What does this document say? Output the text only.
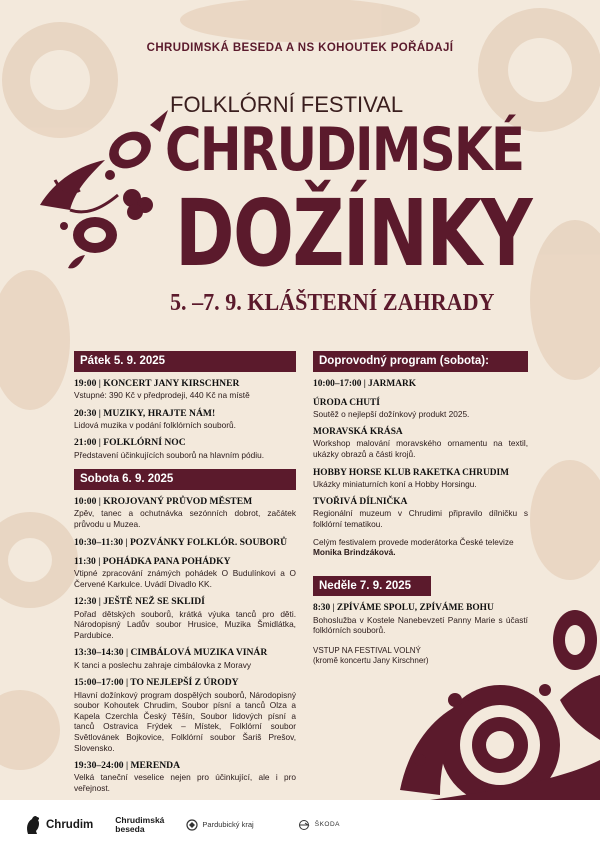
CHRUDIMSKÁ BESEDA A NS KOHOUTEK POŘÁDAJÍ
FOLKLÓRNÍ FESTIVAL
CHRUDIMSKÉ
DOŽÍNKY
5. –7. 9. KLÁŠTERNÍ ZAHRADY
Pátek 5. 9. 2025
19:00 | KONCERT JANY KIRSCHNER
Vstupné: 390 Kč v předprodeji, 440 Kč na místě
20:30 | MUZIKY, HRAJTE NÁM!
Lidová muzika v podání folklórních souborů.
21:00 | FOLKLÓRNÍ NOC
Představení účinkujících souborů na hlavním pódiu.
Sobota 6. 9. 2025
10:00 | KROJOVANÝ PRŮVOD MĚSTEM
Zpěv, tanec a ochutnávka sezónních dobrot, začátek průvodu u Muzea.
10:30–11:30 | POZVÁNKY FOLKLÓR. SOUBORŮ
11:30 | POHÁDKA PANA POHÁDKY
Vtipné zpracování známých pohádek O Budulínkovi a O Červené Karkulce. Uvádí Divadlo KK.
12:30 | JEŠTĚ NEŽ SE SKLIDÍ
Pořad dětských souborů, krátká výuka tanců pro děti. Národopisný Ladův soubor Hrusice, Muzika Šmidlátka, Pardubice.
13:30–14:30 | CIMBÁLOVÁ MUZIKA VINÁR
K tanci a poslechu zahraje cimbálovka z Moravy
15:00–17:00 | TO NEJLEPŠÍ Z ÚRODY
Hlavní dožínkový program dospělých souborů, Národopisný soubor Kohoutek Chrudim, Soubor písní a tanců Olza a Kapela Czerchla Český Těšín, Soubor lidových písní a tanců Ostravica Frýdek – Místek, Folklórní soubor Světlovánek Bojkovice, Folklórní soubor Šariš Prešov, Slovensko.
19:30–24:00 | MERENDA
Velká taneční veselice nejen pro účinkující, ale i pro veřejnost.
Doprovodný program (sobota):
10:00–17:00 | JARMARK
ÚRODA CHUTÍ
Soutěž o nejlepší dožínkový produkt 2025.
MORAVSKÁ KRÁSA
Workshop malování moravského ornamentu na textil, ukázky obrazů a části krojů.
HOBBY HORSE KLUB RAKETKA CHRUDIM
Ukázky miniaturních koní a Hobby Horsingu.
TVOŘIVÁ DÍLNIČKA
Regionální muzeum v Chrudimi připravilo dílničku s folklórní tematikou.
Celým festivalem provede moderátorka České televize Monika Brindzáková.
Neděle 7. 9. 2025
8:30 | ZPÍVÁME SPOLU, ZPÍVÁME BOHU
Bohoslužba v Kostele Nanebevzetí Panny Marie s účastí folklórních souborů.
VSTUP NA FESTIVAL VOLNÝ
(kromě koncertu Jany Kirschner)
Chrudim	Chrudimská
beseda	Pardubický kraj	ŠKODA
